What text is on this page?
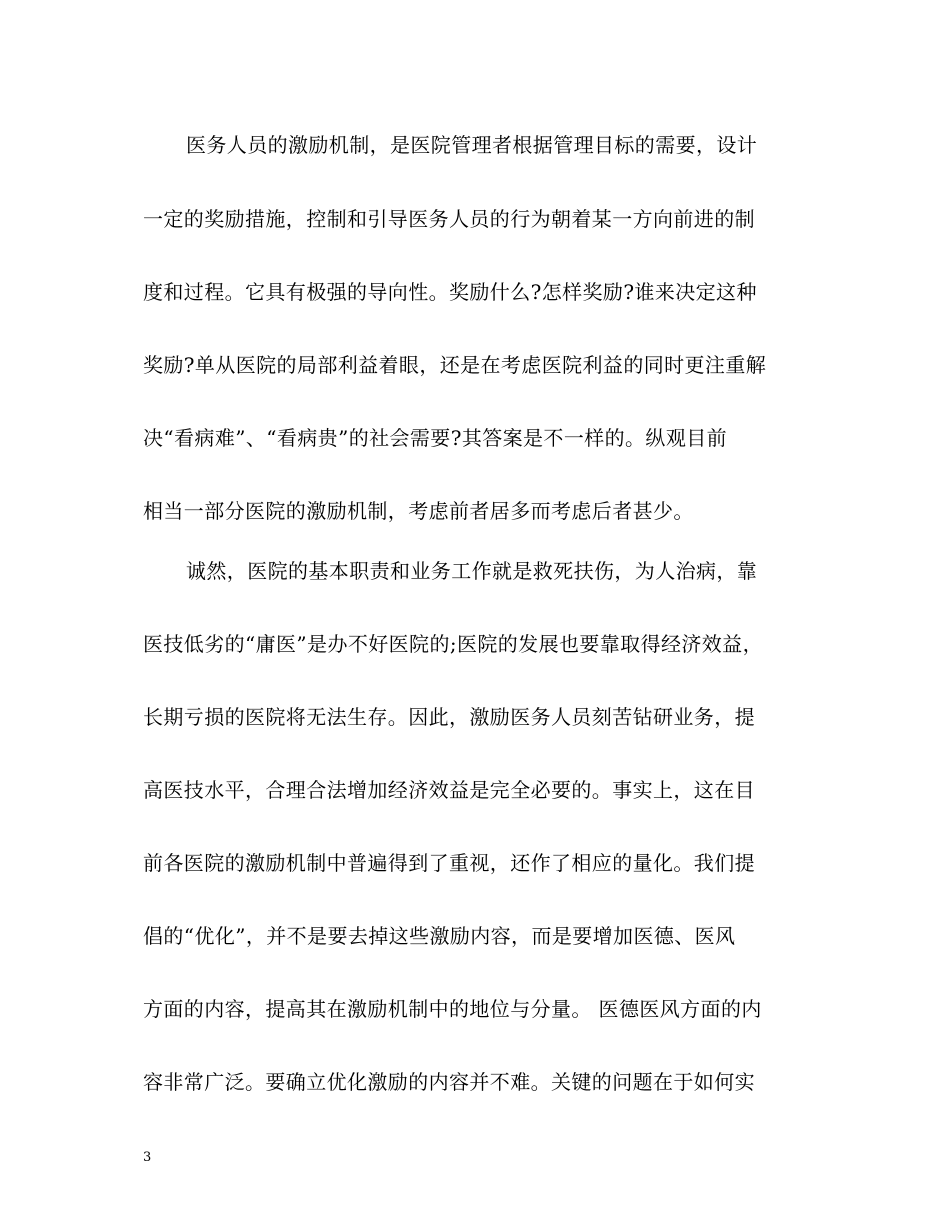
医务人员的激励机制，是医院管理者根据管理目标的需要，设计
一定的奖励措施，控制和引导医务人员的行为朝着某一方向前进的制
度和过程。它具有极强的导向性。奖励什么?怎样奖励?谁来决定这种
奖励?单从医院的局部利益着眼，还是在考虑医院利益的同时更注重解
决“看病难”、“看病贵”的社会需要?其答案是不一样的。纵观目前
相当一部分医院的激励机制，考虑前者居多而考虑后者甚少。
诚然，医院的基本职责和业务工作就是救死扶伤，为人治病，靠
医技低劣的“庸医”是办不好医院的;医院的发展也要靠取得经济效益，
长期亏损的医院将无法生存。因此，激励医务人员刻苦钻研业务，提
高医技水平，合理合法增加经济效益是完全必要的。事实上，这在目
前各医院的激励机制中普遍得到了重视，还作了相应的量化。我们提
倡的“优化”，并不是要去掉这些激励内容，而是要增加医德、医风
方面的内容，提高其在激励机制中的地位与分量。 医德医风方面的内
容非常广泛。要确立优化激励的内容并不难。关键的问题在于如何实
3
